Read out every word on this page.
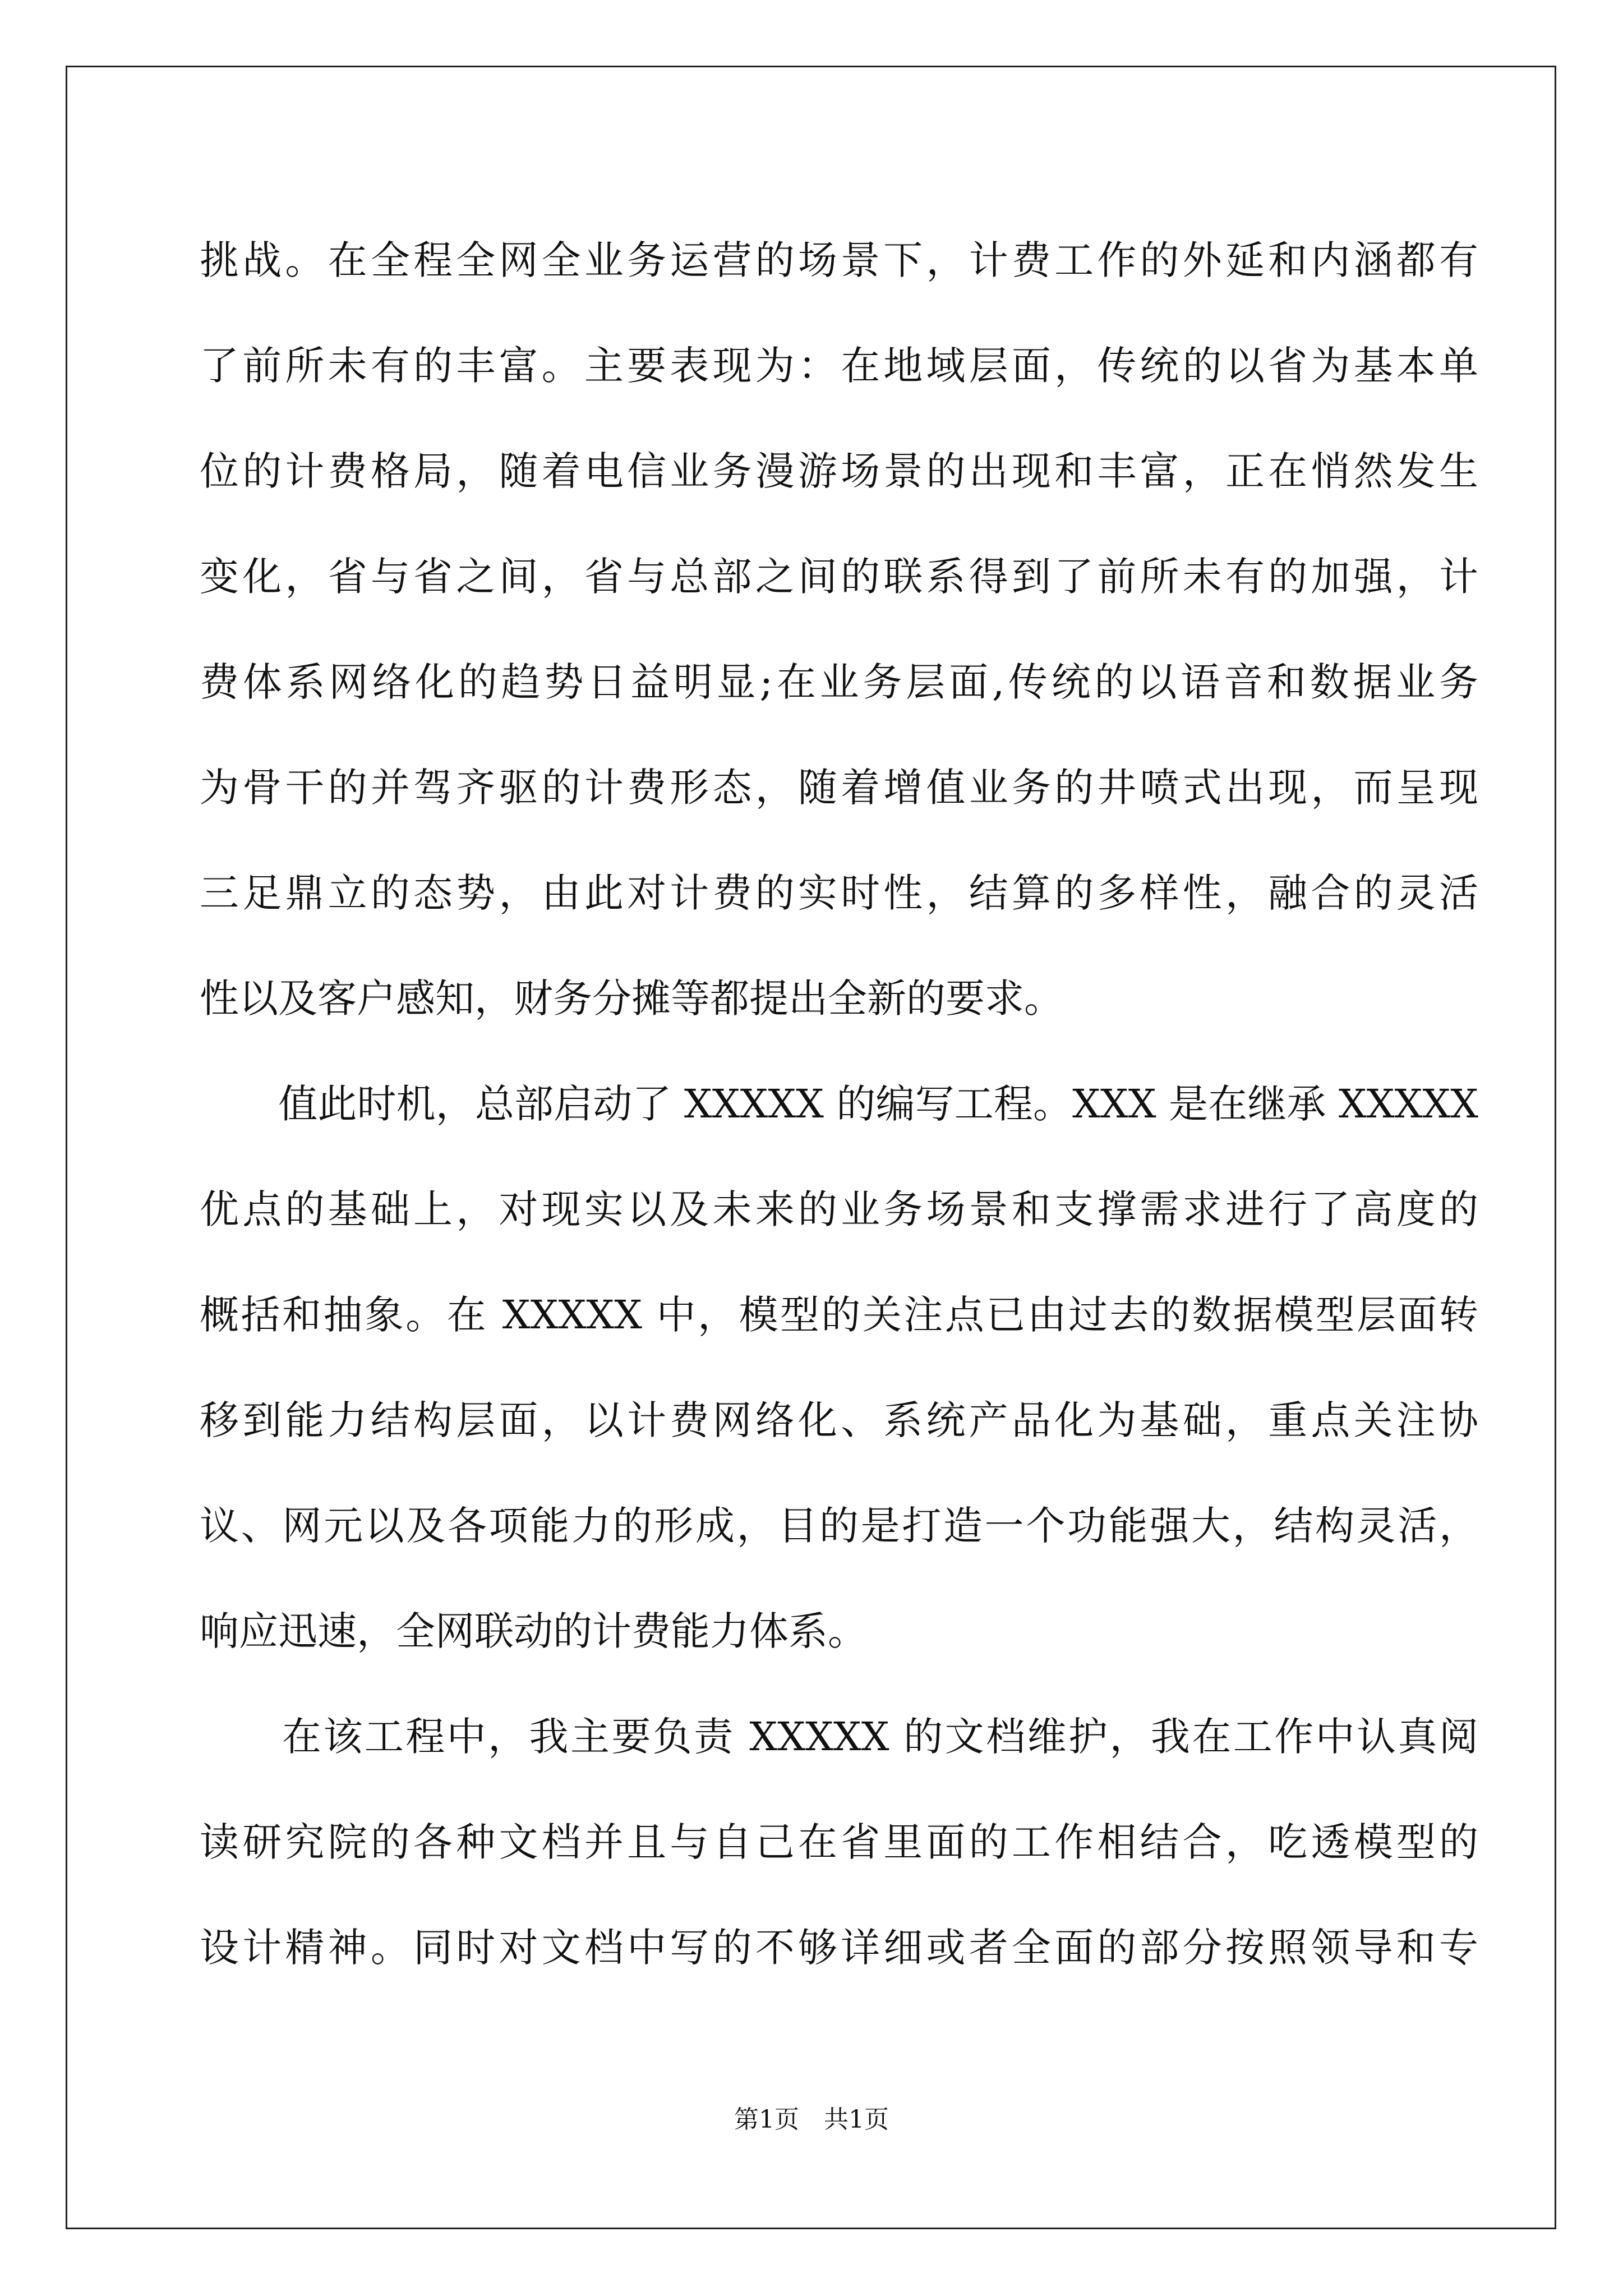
挑战。在全程全网全业务运营的场景下，计费工作的外延和内涵都有
了前所未有的丰富。主要表现为：在地域层面，传统的以省为基本单
位的计费格局，随着电信业务漫游场景的出现和丰富，正在悄然发生
变化，省与省之间，省与总部之间的联系得到了前所未有的加强，计
费体系网络化的趋势日益明显;在业务层面,传统的以语音和数据业务
为骨干的并驾齐驱的计费形态，随着增值业务的井喷式出现，而呈现
三足鼎立的态势，由此对计费的实时性，结算的多样性，融合的灵活
性以及客户感知，财务分摊等都提出全新的要求。
　　值此时机，总部启动了 XXXXX 的编写工程。XXX 是在继承 XXXXX
优点的基础上，对现实以及未来的业务场景和支撑需求进行了高度的
概括和抽象。在 XXXXX 中，模型的关注点已由过去的数据模型层面转
移到能力结构层面，以计费网络化、系统产品化为基础，重点关注协
议、网元以及各项能力的形成，目的是打造一个功能强大，结构灵活，
响应迅速，全网联动的计费能力体系。
　　在该工程中，我主要负责 XXXXX 的文档维护，我在工作中认真阅
读研究院的各种文档并且与自己在省里面的工作相结合，吃透模型的
设计精神。同时对文档中写的不够详细或者全面的部分按照领导和专
第1页　共1页
